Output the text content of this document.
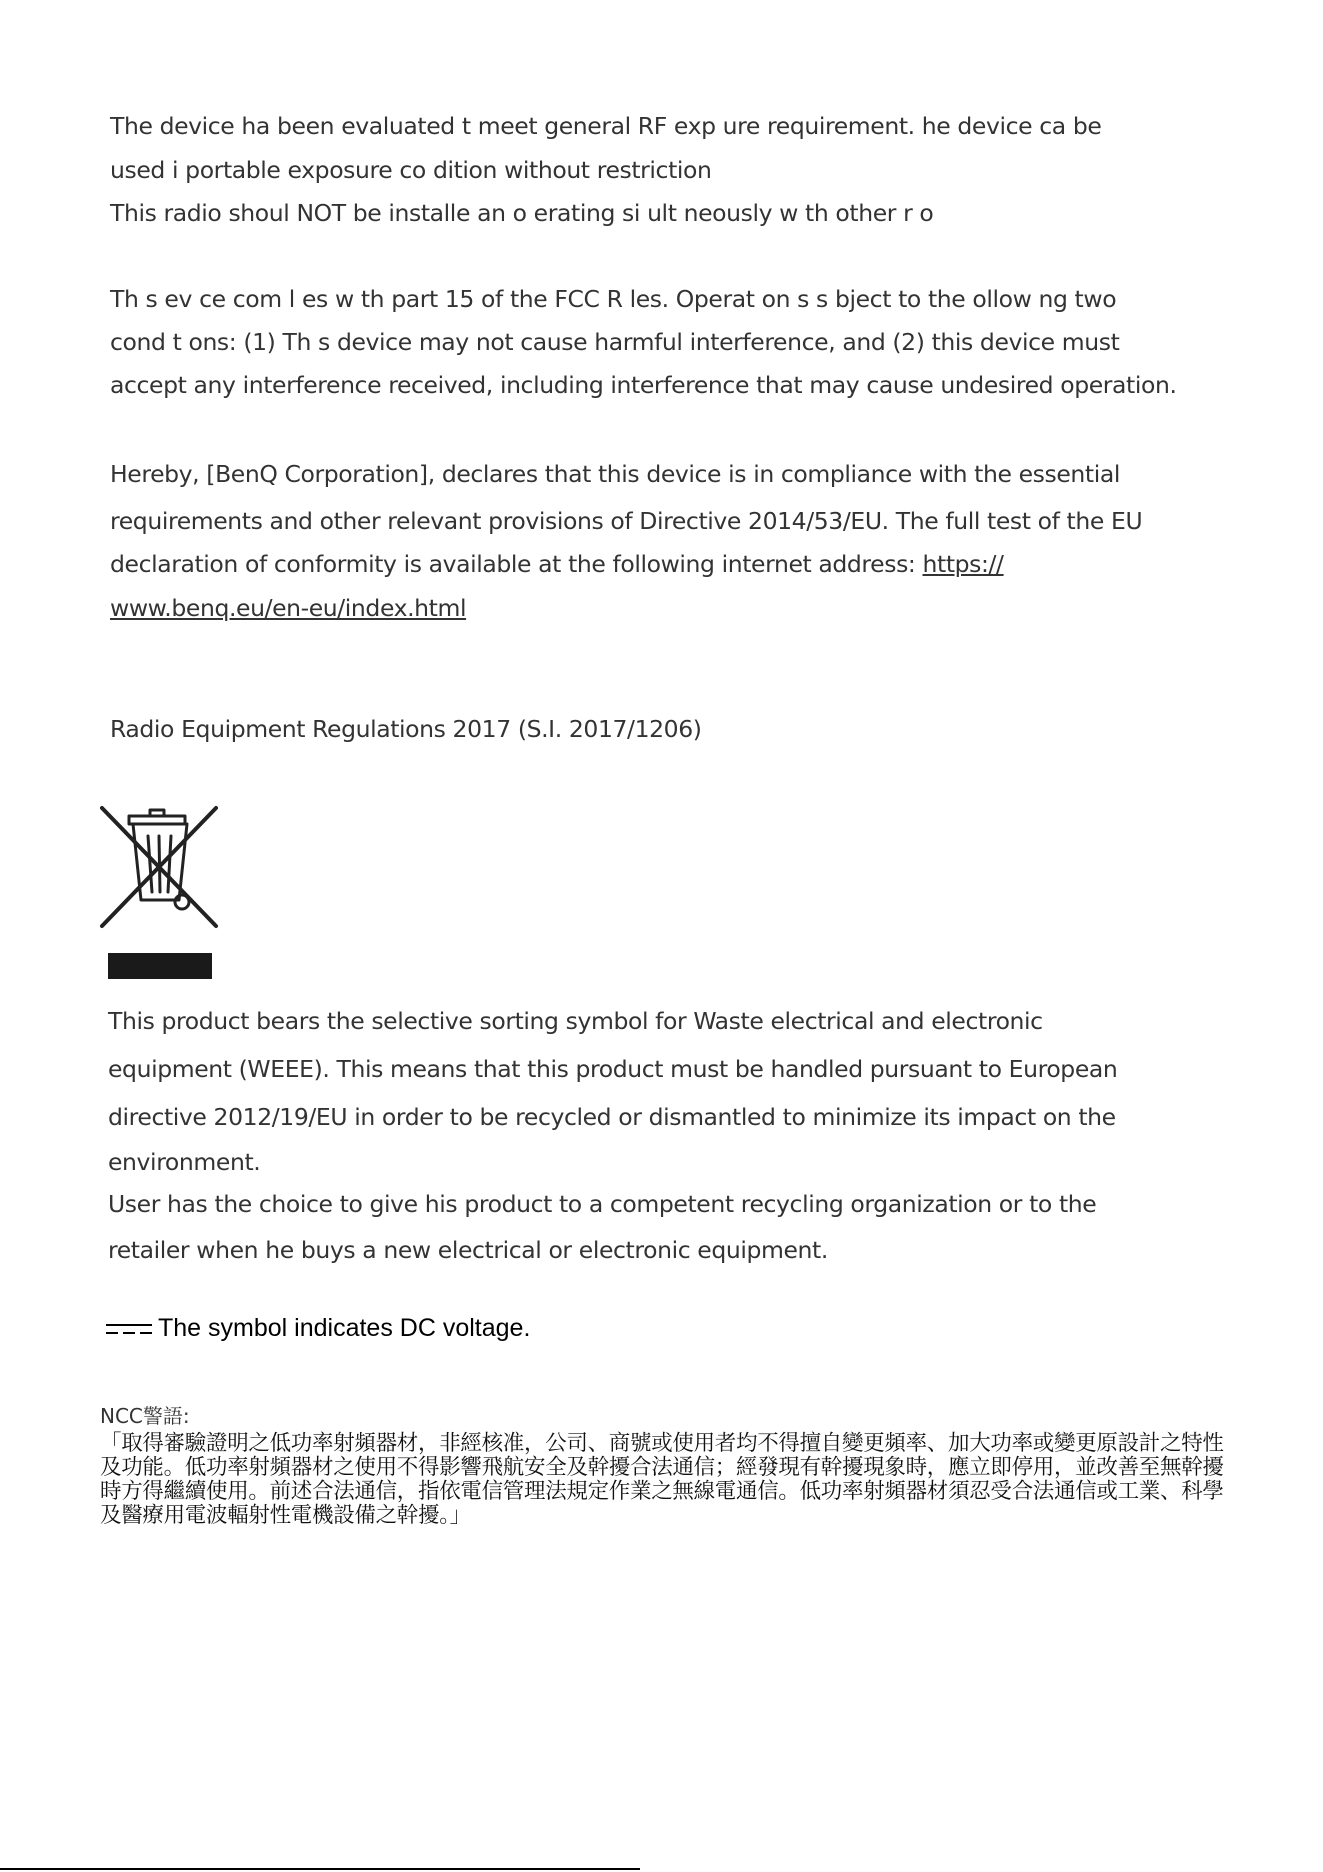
The device ha been evaluated t meet general RF exp ure requirement. he device ca be
used i portable exposure co dition without restriction
This radio shoul NOT be installe an o erating si ult neously w th other r o
Th s ev ce com l es w th part 15 of the FCC R les. Operat on s s bject to the ollow ng two
cond t ons: (1) Th s device may not cause harmful interference, and (2) this device must
accept any interference received, including interference that may cause undesired operation.
Hereby, [BenQ Corporation], declares that this device is in compliance with the essential
requirements and other relevant provisions of Directive 2014/53/EU. The full test of the EU
declaration of conformity is available at the following internet address: https://
www.benq.eu/en-eu/index.html
Radio Equipment Regulations 2017 (S.I. 2017/1206)
This product bears the selective sorting symbol for Waste electrical and electronic
equipment (WEEE). This means that this product must be handled pursuant to European
directive 2012/19/EU in order to be recycled or dismantled to minimize its impact on the
environment.
User has the choice to give his product to a competent recycling organization or to the
retailer when he buys a new electrical or electronic equipment.
The symbol indicates DC voltage.
NCC警語:
「取得審驗證明之低功率射頻器材，非經核准，公司、商號或使用者均不得擅自變更頻率、加大功率或變更原設計之特性及功能。低功率射頻器材之使用不得影響飛航安全及幹擾合法通信；經發現有幹擾現象時，應立即停用，並改善至無幹擾時方得繼續使用。前述合法通信，指依電信管理法規定作業之無線電通信。低功率射頻器材須忍受合法通信或工業、科學及醫療用電波輻射性電機設備之幹擾。」
